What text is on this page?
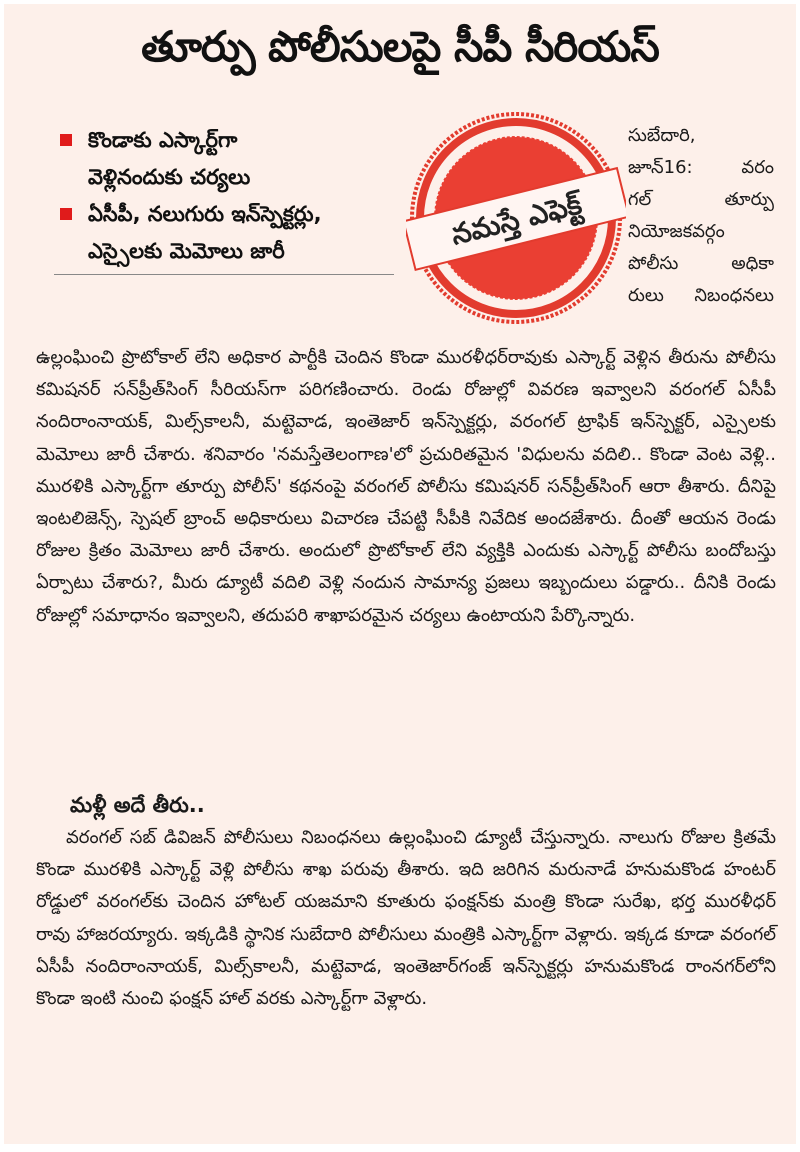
తూర్పు పోలీసులపై సీపీ సీరియస్
కొండాకు ఎస్కార్ట్‌గా
వెళ్లినందుకు చర్యలు
ఏసీపీ, నలుగురు ఇన్‌స్పెక్టర్లు,
ఎస్సైలకు మెమోలు జారీ	నమస్తే ఎఫెక్ట్
సుబేదారి,
జూన్16: వరం
గల్ తూర్పు
నియోజకవర్గం
పోలీసు అధికా
రులు నిబంధనలు
ఉల్లంఘించి ప్రొటోకాల్ లేని అధికార పార్టీకి చెందిన కొండా మురళీధర్‌రావుకు ఎస్కార్ట్ వెళ్లిన తీరును పోలీసు కమిషనర్ సన్‌ప్రీత్‌సింగ్ సీరియస్‌గా పరిగణించారు. రెండు రోజుల్లో వివరణ ఇవ్వాలని వరంగల్ ఏసీపీ నందిరాంనాయక్, మిల్స్‌కాలనీ, మట్టెవాడ, ఇంతెజార్ ఇన్‌స్పెక్టర్లు, వరంగల్ ట్రాఫిక్ ఇన్‌స్పెక్టర్, ఎస్సైలకు మెమోలు జారీ చేశారు. శనివారం 'నమస్తేతెలంగాణ'లో ప్రచురితమైన 'విధులను వదిలి.. కొండా వెంట వెళ్లి.. మురళికి ఎస్కార్ట్‌గా తూర్పు పోలీస్' కథనంపై వరంగల్ పోలీసు కమిషనర్ సన్‌ప్రీత్‌సింగ్ ఆరా తీశారు. దీనిపై ఇంటలిజెన్స్, స్పెషల్ బ్రాంచ్ అధికారులు విచారణ చేపట్టి సీపీకి నివేదిక అందజేశారు. దీంతో ఆయన రెండు రోజుల క్రితం మెమోలు జారీ చేశారు. అందులో ప్రొటోకాల్ లేని వ్యక్తికి ఎందుకు ఎస్కార్ట్ పోలీసు బందోబస్తు ఏర్పాటు చేశారు?, మీరు డ్యూటీ వదిలి వెళ్లి నందున సామాన్య ప్రజలు ఇబ్బందులు పడ్డారు.. దీనికి రెండు రోజుల్లో సమాధానం ఇవ్వాలని, తదుపరి శాఖాపరమైన చర్యలు ఉంటాయని పేర్కొన్నారు.
మళ్లీ అదే తీరు..
వరంగల్ సబ్ డివిజన్ పోలీసులు నిబంధనలు ఉల్లంఘించి డ్యూటీ చేస్తున్నారు. నాలుగు రోజుల క్రితమే కొండా మురళికి ఎస్కార్ట్ వెళ్లి పోలీసు శాఖ పరువు తీశారు. ఇది జరిగిన మరునాడే హనుమకొండ హంటర్ రోడ్డులో వరంగల్‌కు చెందిన హోటల్ యజమాని కూతురు ఫంక్షన్‌కు మంత్రి కొండా సురేఖ, భర్త మురళీధర్ రావు హాజరయ్యారు. ఇక్కడికి స్థానిక సుబేదారి పోలీసులు మంత్రికి ఎస్కార్ట్‌గా వెళ్లారు. ఇక్కడ కూడా వరంగల్ ఏసీపీ నందిరాంనాయక్, మిల్స్‌కాలనీ, మట్టెవాడ, ఇంతెజార్‌గంజ్ ఇన్‌స్పెక్టర్లు హనుమకొండ రాంనగర్‌లోని కొండా ఇంటి నుంచి ఫంక్షన్ హాల్ వరకు ఎస్కార్ట్‌గా వెళ్లారు.
